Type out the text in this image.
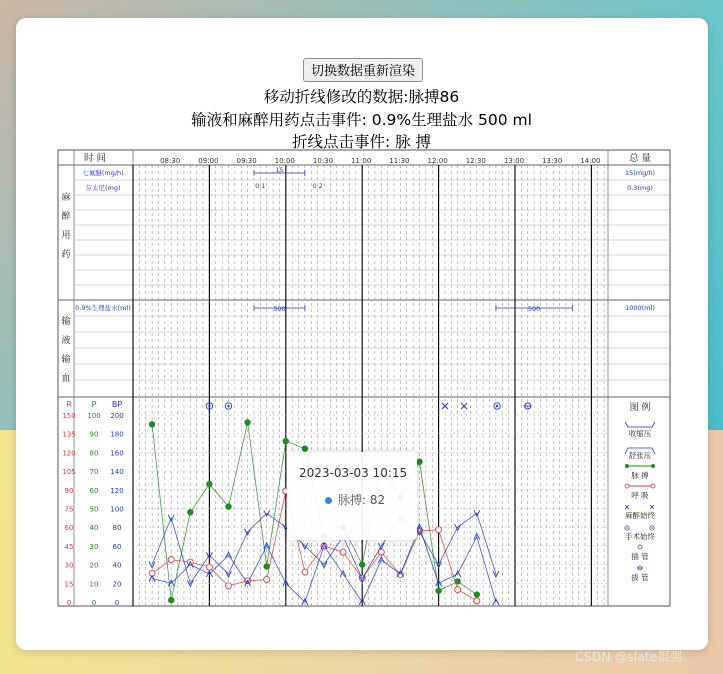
切换数据重新渲染
移动折线修改的数据:脉搏86
输液和麻醉用药点击事件: 0.9%生理盐水 500 ml
折线点击事件: 脉 搏
时 间	总 量
08:30	09:00	09:30	10:00	10:30	11:00	11:30	12:00	12:30	13:00	13:30	14:00
麻
醉
用
药
输
液
输
血
七氟醚(mg/h)	15(mg/h)
芬太尼(mg)	0.3(mg)
15
0.1	0.2
0.9%生理盐水(ml)	1000(ml)
500	500
150 100 200
135 90 180
120 80 160
105 70 140
90 60 120
75 50 100
60 40 80
45 30 60
30 20 40
15 10 20
0	0	0
R P BP	图 例
收缩压
舒张压
脉 搏
呼 吸
麻醉始终
手术始终
插 管
拔 管
2023-03-03 10:15
脉搏: 82
CSDN @slate很强
